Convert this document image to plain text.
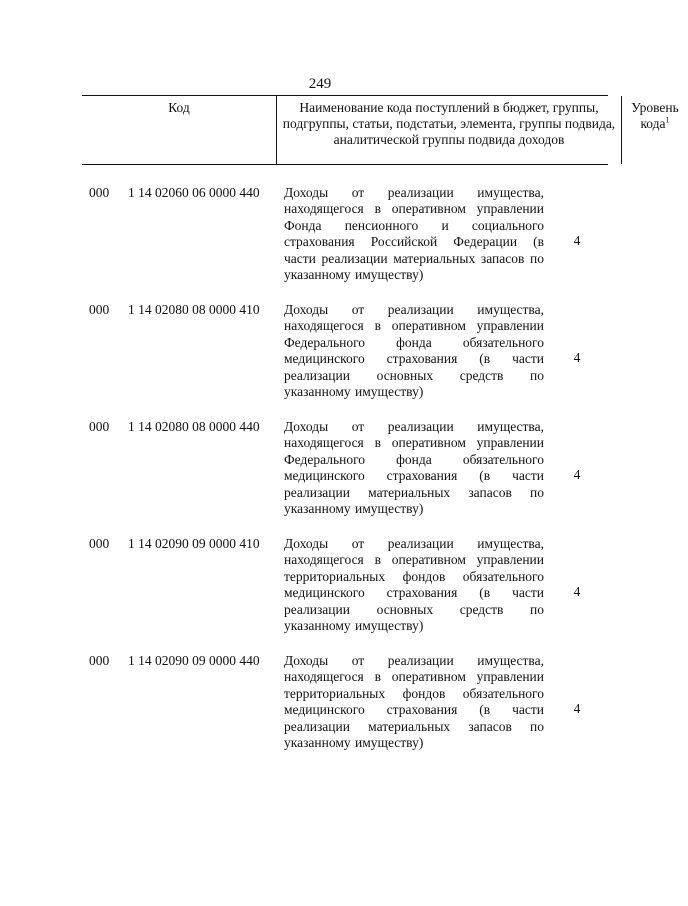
249
Код	Наименование кода поступлений в бюджет, группы, подгруппы, статьи, подстатьи, элемента, группы подвида, аналитической группы подвида доходов
Уровень кода$^1$
000 1 14 02060 06 0000 440 Доходы от реализации имущества, находящегося в оперативном управлении Фонда пенсионного и социального страхования Российской Федерации (в части реализации материальных запасов по указанному имуществу)
4
000 1 14 02080 08 0000 410 Доходы от реализации имущества, находящегося в оперативном управлении Федерального фонда обязательного медицинского страхования (в части реализации основных средств по указанному имуществу)
4
000 1 14 02080 08 0000 440 Доходы от реализации имущества, находящегося в оперативном управлении Федерального фонда обязательного медицинского страхования (в части реализации материальных запасов по указанному имуществу)
4
000 1 14 02090 09 0000 410 Доходы от реализации имущества, находящегося в оперативном управлении территориальных фондов обязательного медицинского страхования (в части реализации основных средств по указанному имуществу)
4
000 1 14 02090 09 0000 440 Доходы от реализации имущества, находящегося в оперативном управлении территориальных фондов обязательного медицинского страхования (в части реализации материальных запасов по указанному имуществу)
4
